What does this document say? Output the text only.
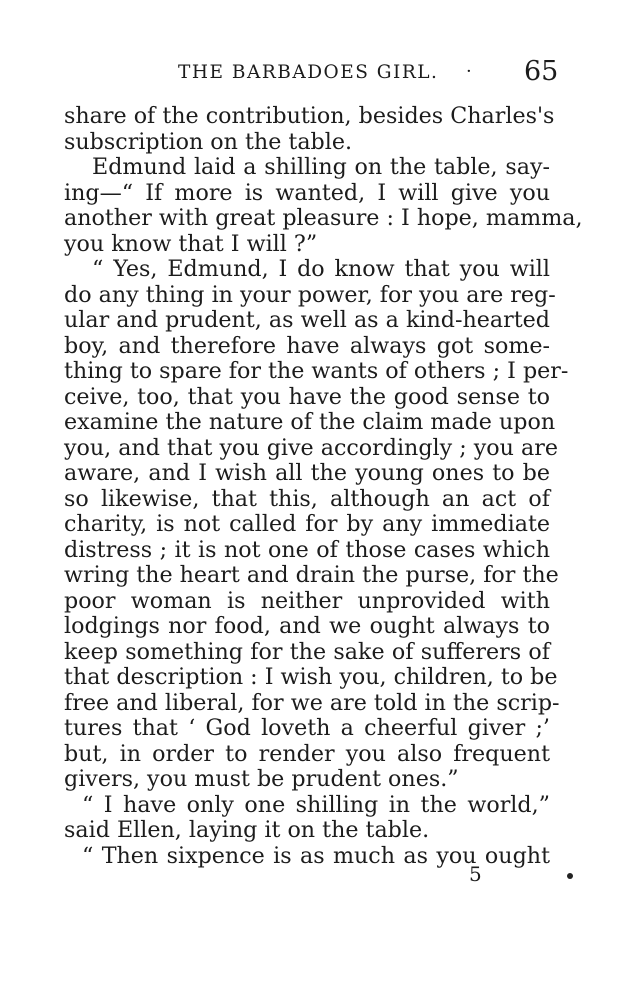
THE BARBADOES GIRL. · 65
share of the contribution, besides Charles's
subscription on the table.
Edmund laid a shilling on the table, say-
ing—“ If more is wanted, I will give you
another with great pleasure : I hope, mamma,
you know that I will ?”
“ Yes, Edmund, I do know that you will
do any thing in your power, for you are reg-
ular and prudent, as well as a kind-hearted
boy, and therefore have always got some-
thing to spare for the wants of others ; I per-
ceive, too, that you have the good sense to
examine the nature of the claim made upon
you, and that you give accordingly ; you are
aware, and I wish all the young ones to be
so likewise, that this, although an act of
charity, is not called for by any immediate
distress ; it is not one of those cases which
wring the heart and drain the purse, for the
poor woman is neither unprovided with
lodgings nor food, and we ought always to
keep something for the sake of sufferers of
that description : I wish you, children, to be
free and liberal, for we are told in the scrip-
tures that ‘ God loveth a cheerful giver ;’
but, in order to render you also frequent
givers, you must be prudent ones.”
“ I have only one shilling in the world,”
said Ellen, laying it on the table.
“ Then sixpence is as much as you ought
5
